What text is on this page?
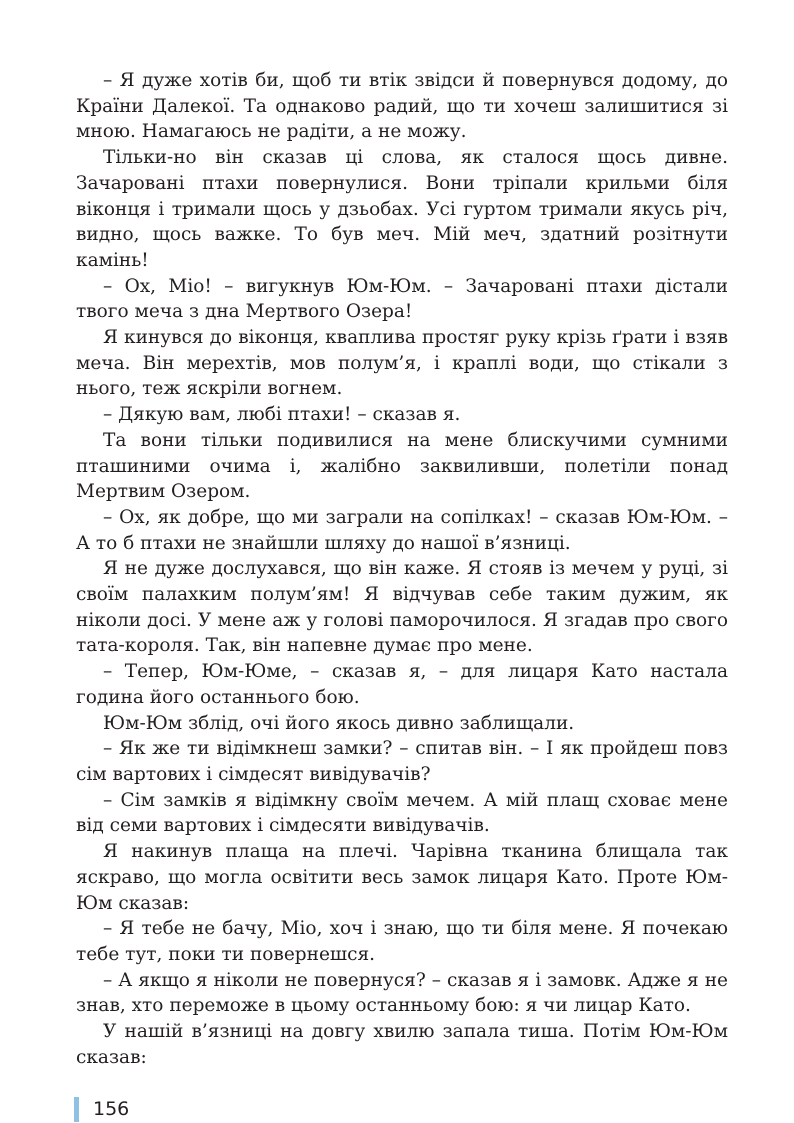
– Я дуже хотів би, щоб ти втік звідси й повернувся додому, до Країни Далекої. Та однаково радий, що ти хочеш залишитися зі мною. Намагаюсь не радіти, а не можу.

Тільки-но він сказав ці слова, як сталося щось дивне. Зачаровані птахи повернулися. Вони тріпали крильми біля віконця і тримали щось у дзьобах. Усі гуртом тримали якусь річ, видно, щось важке. То був меч. Мій меч, здатний розітнути камінь!

– Ох, Міо! – вигукнув Юм-Юм. – Зачаровані птахи дістали твого меча з дна Мертвого Озера!

Я кинувся до віконця, кваплива простяг руку крізь ґрати і взяв меча. Він мерехтів, мов полум’я, і краплі води, що стікали з нього, теж яскріли вогнем.

– Дякую вам, любі птахи! – сказав я.

Та вони тільки подивилися на мене блискучими сумними пташиними очима і, жалібно заквиливши, полетіли понад Мертвим Озером.

– Ох, як добре, що ми заграли на сопілках! – сказав Юм-Юм. – А то б птахи не знайшли шляху до нашої в’язниці.

Я не дуже дослухався, що він каже. Я стояв із мечем у руці, зі своїм палахким полум’ям! Я відчував себе таким дужим, як ніколи досі. У мене аж у голові паморочилося. Я згадав про свого тата-короля. Так, він напевне думає про мене.

– Тепер, Юм-Юме, – сказав я, – для лицаря Като настала година його останнього бою.

Юм-Юм зблід, очі його якось дивно заблищали.

– Як же ти відімкнеш замки? – спитав він. – І як пройдеш повз сім вартових і сімдесят вивідувачів?

– Сім замків я відімкну своїм мечем. А мій плащ сховає мене від семи вартових і сімдесяти вивідувачів.

Я накинув плаща на плечі. Чарівна тканина блищала так яскраво, що могла освітити весь замок лицаря Като. Проте Юм-Юм сказав:

– Я тебе не бачу, Міо, хоч і знаю, що ти біля мене. Я почекаю тебе тут, поки ти повернешся.

– А якщо я ніколи не повернуся? – сказав я і замовк. Адже я не знав, хто переможе в цьому останньому бою: я чи лицар Като.

У нашій в’язниці на довгу хвилю запала тиша. Потім Юм-Юм сказав:

156
